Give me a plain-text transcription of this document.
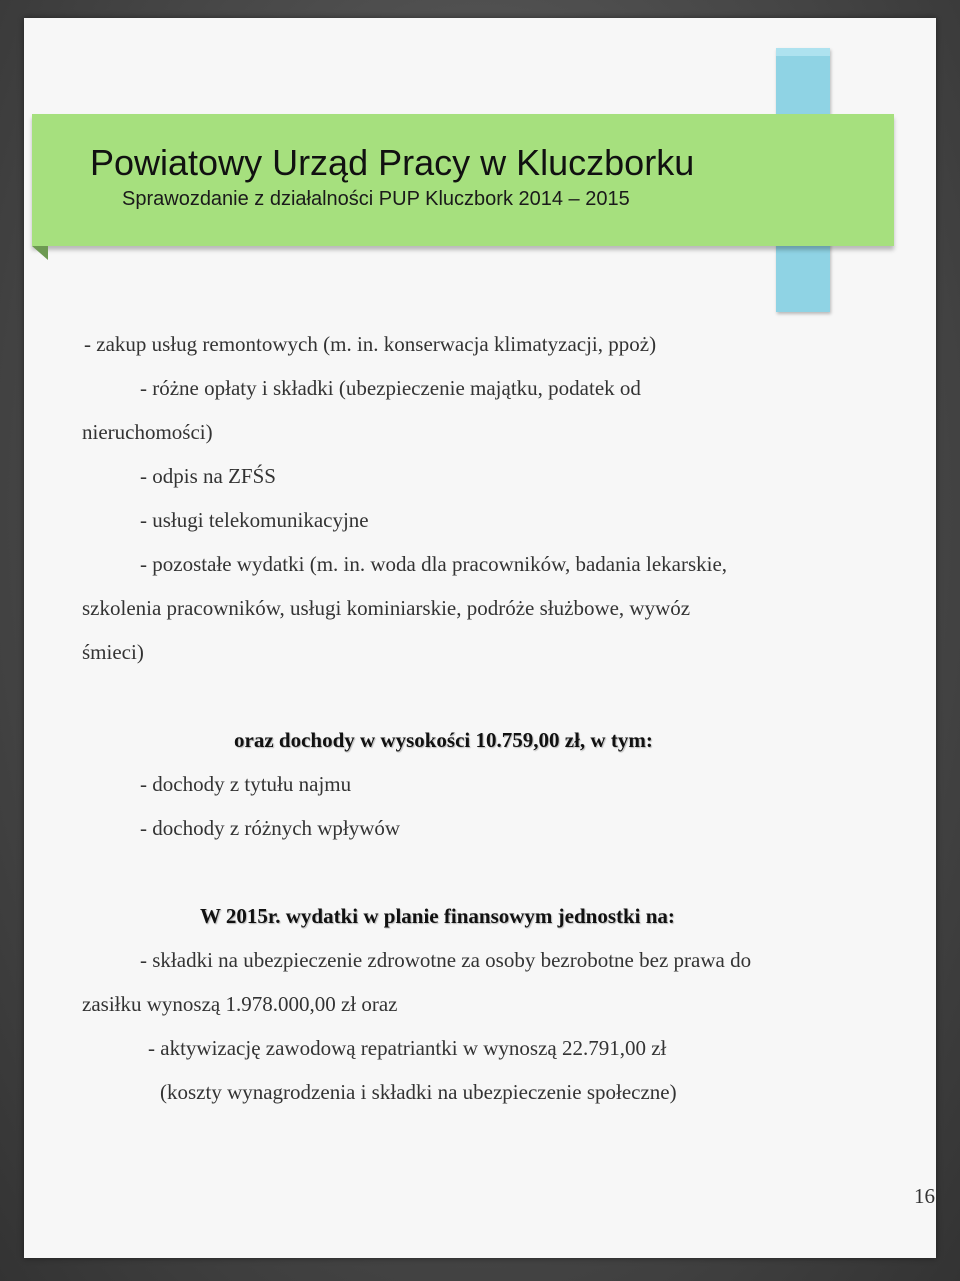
Powiatowy Urząd Pracy w Kluczborku
Sprawozdanie z działalności PUP Kluczbork 2014 – 2015
- zakup usług remontowych (m. in. konserwacja klimatyzacji, ppoż)
- różne opłaty i składki (ubezpieczenie majątku, podatek od
nieruchomości)
- odpis na ZFŚS
- usługi telekomunikacyjne
- pozostałe wydatki (m. in. woda dla pracowników, badania lekarskie,
szkolenia pracowników, usługi kominiarskie, podróże służbowe, wywóz
śmieci)
oraz dochody w wysokości 10.759,00 zł, w tym:
- dochody z tytułu najmu
- dochody z różnych wpływów
W 2015r. wydatki w planie finansowym jednostki na:
- składki na ubezpieczenie zdrowotne za osoby bezrobotne bez prawa do
zasiłku wynoszą 1.978.000,00 zł oraz
- aktywizację zawodową repatriantki w wynoszą 22.791,00 zł
(koszty wynagrodzenia i składki na ubezpieczenie społeczne)
16
